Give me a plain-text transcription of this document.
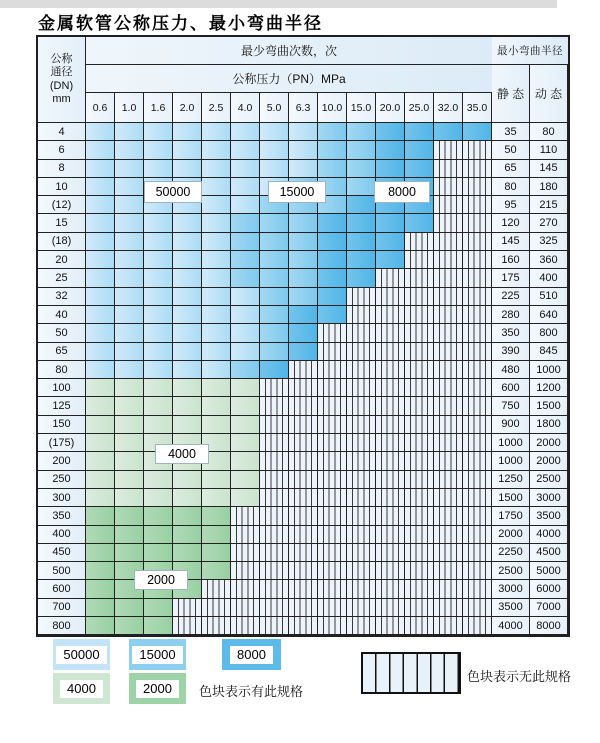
金属软管公称压力、最小弯曲半径
公称
通径
(DN)
mm
最少弯曲次数，次
公称压力（PN）MPa
0.6	1.0	1.6	2.0	2.5	4.0	5.0	6.3	10.0 15.0 20.0 25.0 32.0 35.0
最小弯曲半径
静 态 动 态
4	35	80
6	50	110
8	65	145
10	80	180
(12)	95	215
15	120	270
(18)	145	325
20	160	360
25	175	400
32	225	510
40	280	640
50	350	800
65	390	845
80	480	1000
100	600	1200
125	750	1500
150	900	1800
(175)	1000	2000
200	1000	2000
250	1250	2500
300	1500	3000
350	1750	3500
400	2000	4000
450	2250	4500
500	2500	5000
600	3000	6000
700	3500	7000
800	4000	8000
50000	15000	8000
4000
2000
50000	15000	8000
4000	2000	色块表示有此规格
色块表示无此规格
